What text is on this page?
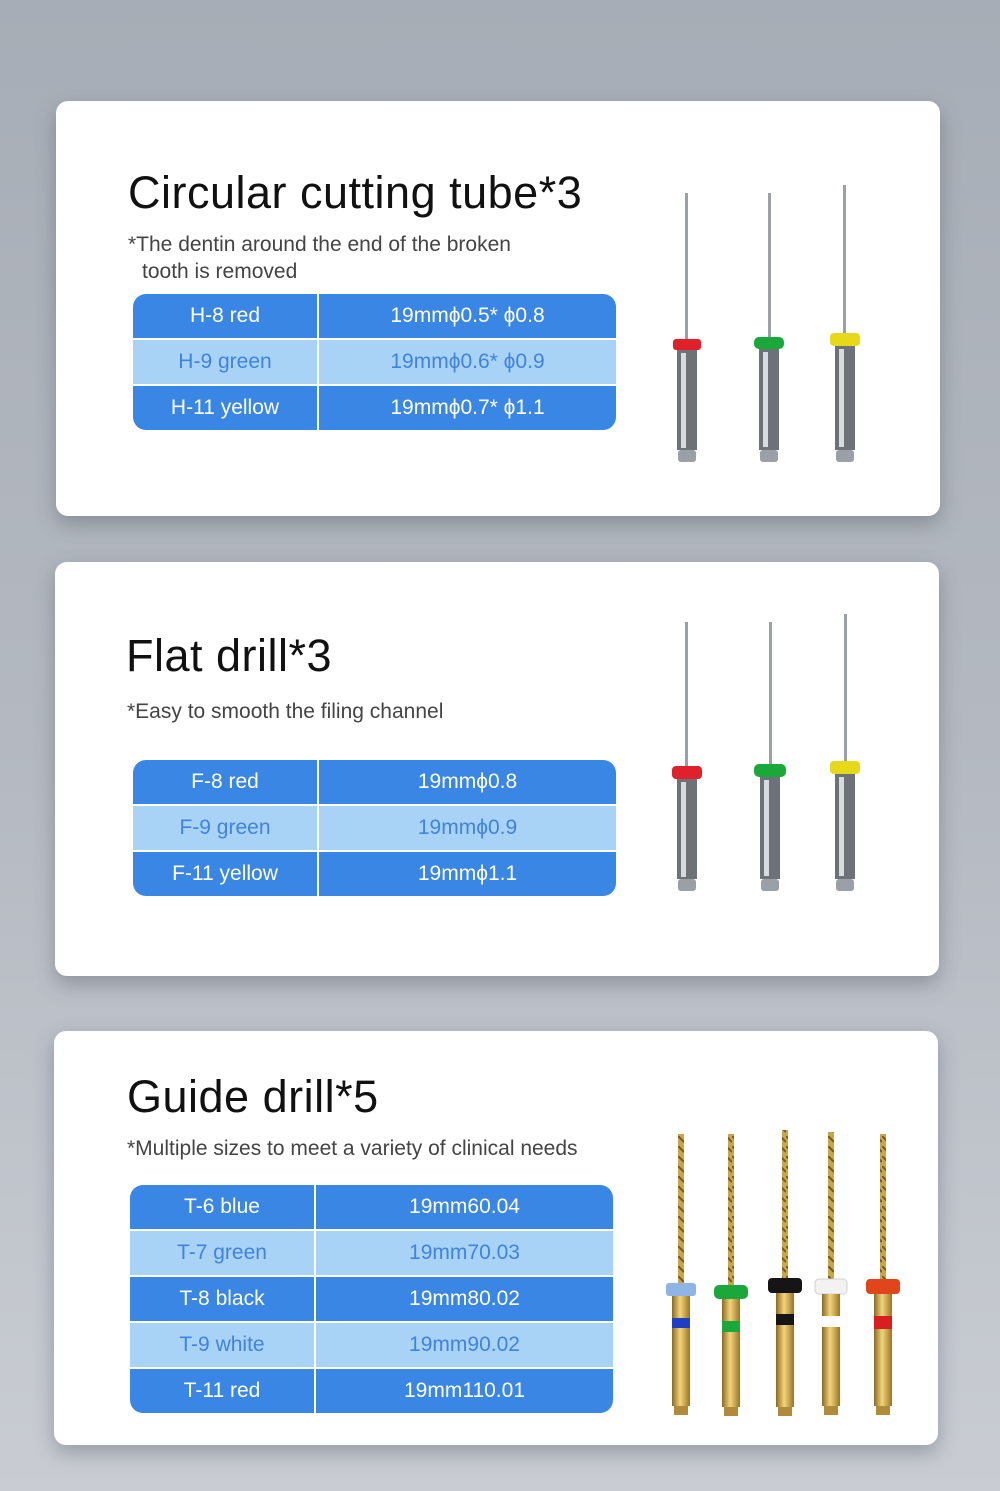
Circular cutting tube*3

*The dentin around the end of the broken
tooth is removed

H-8 red	19mmϕ0.5* ϕ0.8
H-9 green	19mmϕ0.6* ϕ0.9
H-11 yellow	19mmϕ0.7* ϕ1.1
Flat drill*3

*Easy to smooth the filing channel

F-8 red	19mmϕ0.8
F-9 green	19mmϕ0.9
F-11 yellow	19mmϕ1.1
Guide drill*5

*Multiple sizes to meet a variety of clinical needs

T-6 blue	19mm60.04
T-7 green	19mm70.03
T-8 black	19mm80.02
T-9 white	19mm90.02
T-11 red	19mm110.01
